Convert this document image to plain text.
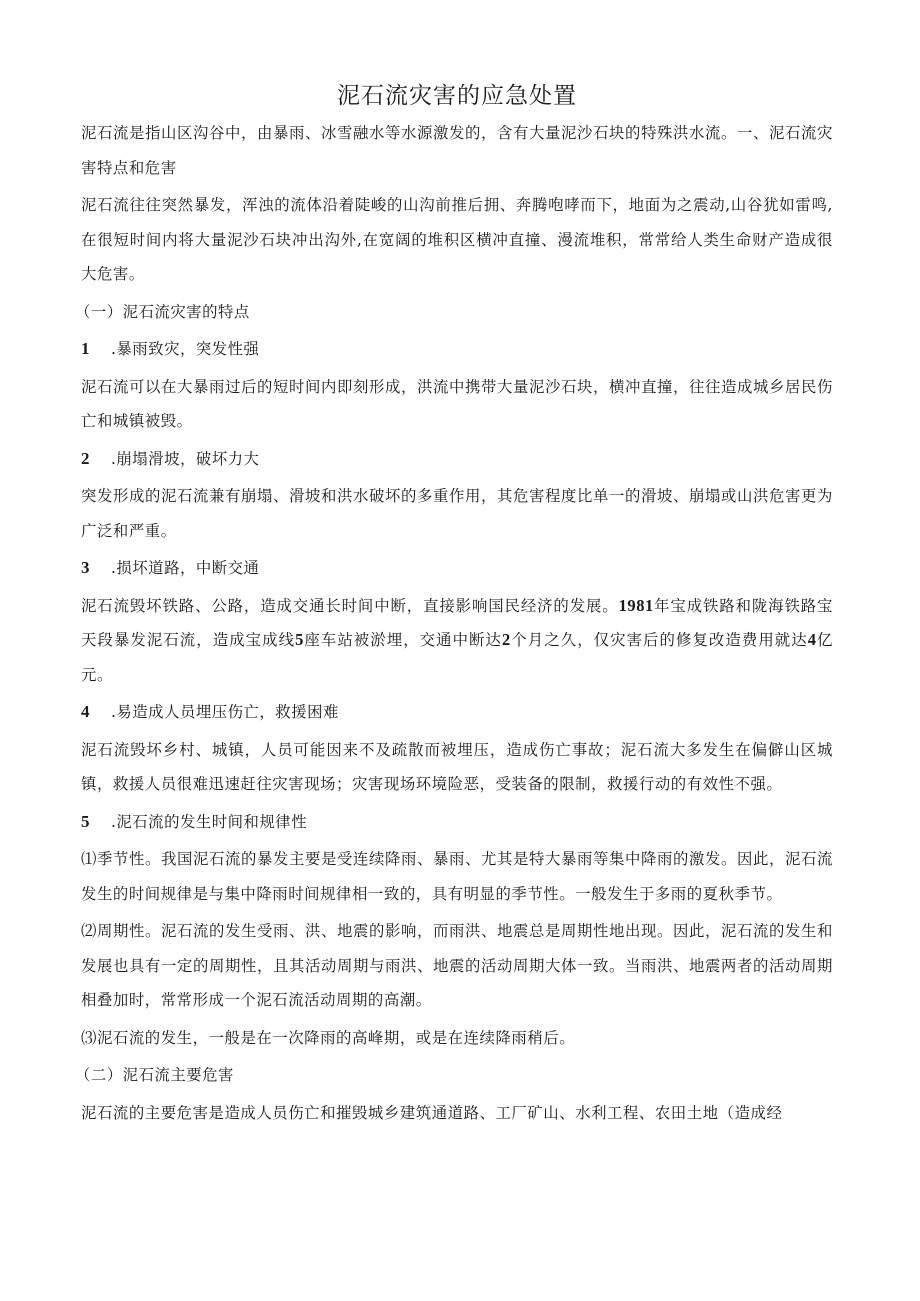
泥石流灾害的应急处置

泥石流是指山区沟谷中，由暴雨、冰雪融水等水源激发的，含有大量泥沙石块的特殊洪水流。一、泥石流灾害特点和危害

泥石流往往突然暴发，浑浊的流体沿着陡峻的山沟前推后拥、奔腾咆哮而下，地面为之震动,山谷犹如雷鸣,在很短时间内将大量泥沙石块冲出沟外,在宽阔的堆积区横冲直撞、漫流堆积，常常给人类生命财产造成很大危害。

（一）泥石流灾害的特点

1 .暴雨致灾，突发性强

泥石流可以在大暴雨过后的短时间内即刻形成，洪流中携带大量泥沙石块，横冲直撞，往往造成城乡居民伤亡和城镇被毁。

2 .崩塌滑坡，破坏力大

突发形成的泥石流兼有崩塌、滑坡和洪水破坏的多重作用，其危害程度比单一的滑坡、崩塌或山洪危害更为广泛和严重。

3 .损坏道路，中断交通

泥石流毁坏铁路、公路，造成交通长时间中断，直接影响国民经济的发展。1981年宝成铁路和陇海铁路宝天段暴发泥石流，造成宝成线5座车站被淤埋，交通中断达2个月之久，仅灾害后的修复改造费用就达4亿元。

4 .易造成人员埋压伤亡，救援困难

泥石流毁坏乡村、城镇，人员可能因来不及疏散而被埋压，造成伤亡事故；泥石流大多发生在偏僻山区城镇，救援人员很难迅速赶往灾害现场；灾害现场环境险恶，受装备的限制，救援行动的有效性不强。

5 .泥石流的发生时间和规律性

⑴季节性。我国泥石流的暴发主要是受连续降雨、暴雨、尤其是特大暴雨等集中降雨的激发。因此，泥石流发生的时间规律是与集中降雨时间规律相一致的，具有明显的季节性。一般发生于多雨的夏秋季节。

⑵周期性。泥石流的发生受雨、洪、地震的影响，而雨洪、地震总是周期性地出现。因此，泥石流的发生和发展也具有一定的周期性，且其活动周期与雨洪、地震的活动周期大体一致。当雨洪、地震两者的活动周期相叠加时，常常形成一个泥石流活动周期的高潮。

⑶泥石流的发生，一般是在一次降雨的高峰期，或是在连续降雨稍后。

（二）泥石流主要危害

泥石流的主要危害是造成人员伤亡和摧毁城乡建筑通道路、工厂矿山、水利工程、农田土地（造成经
